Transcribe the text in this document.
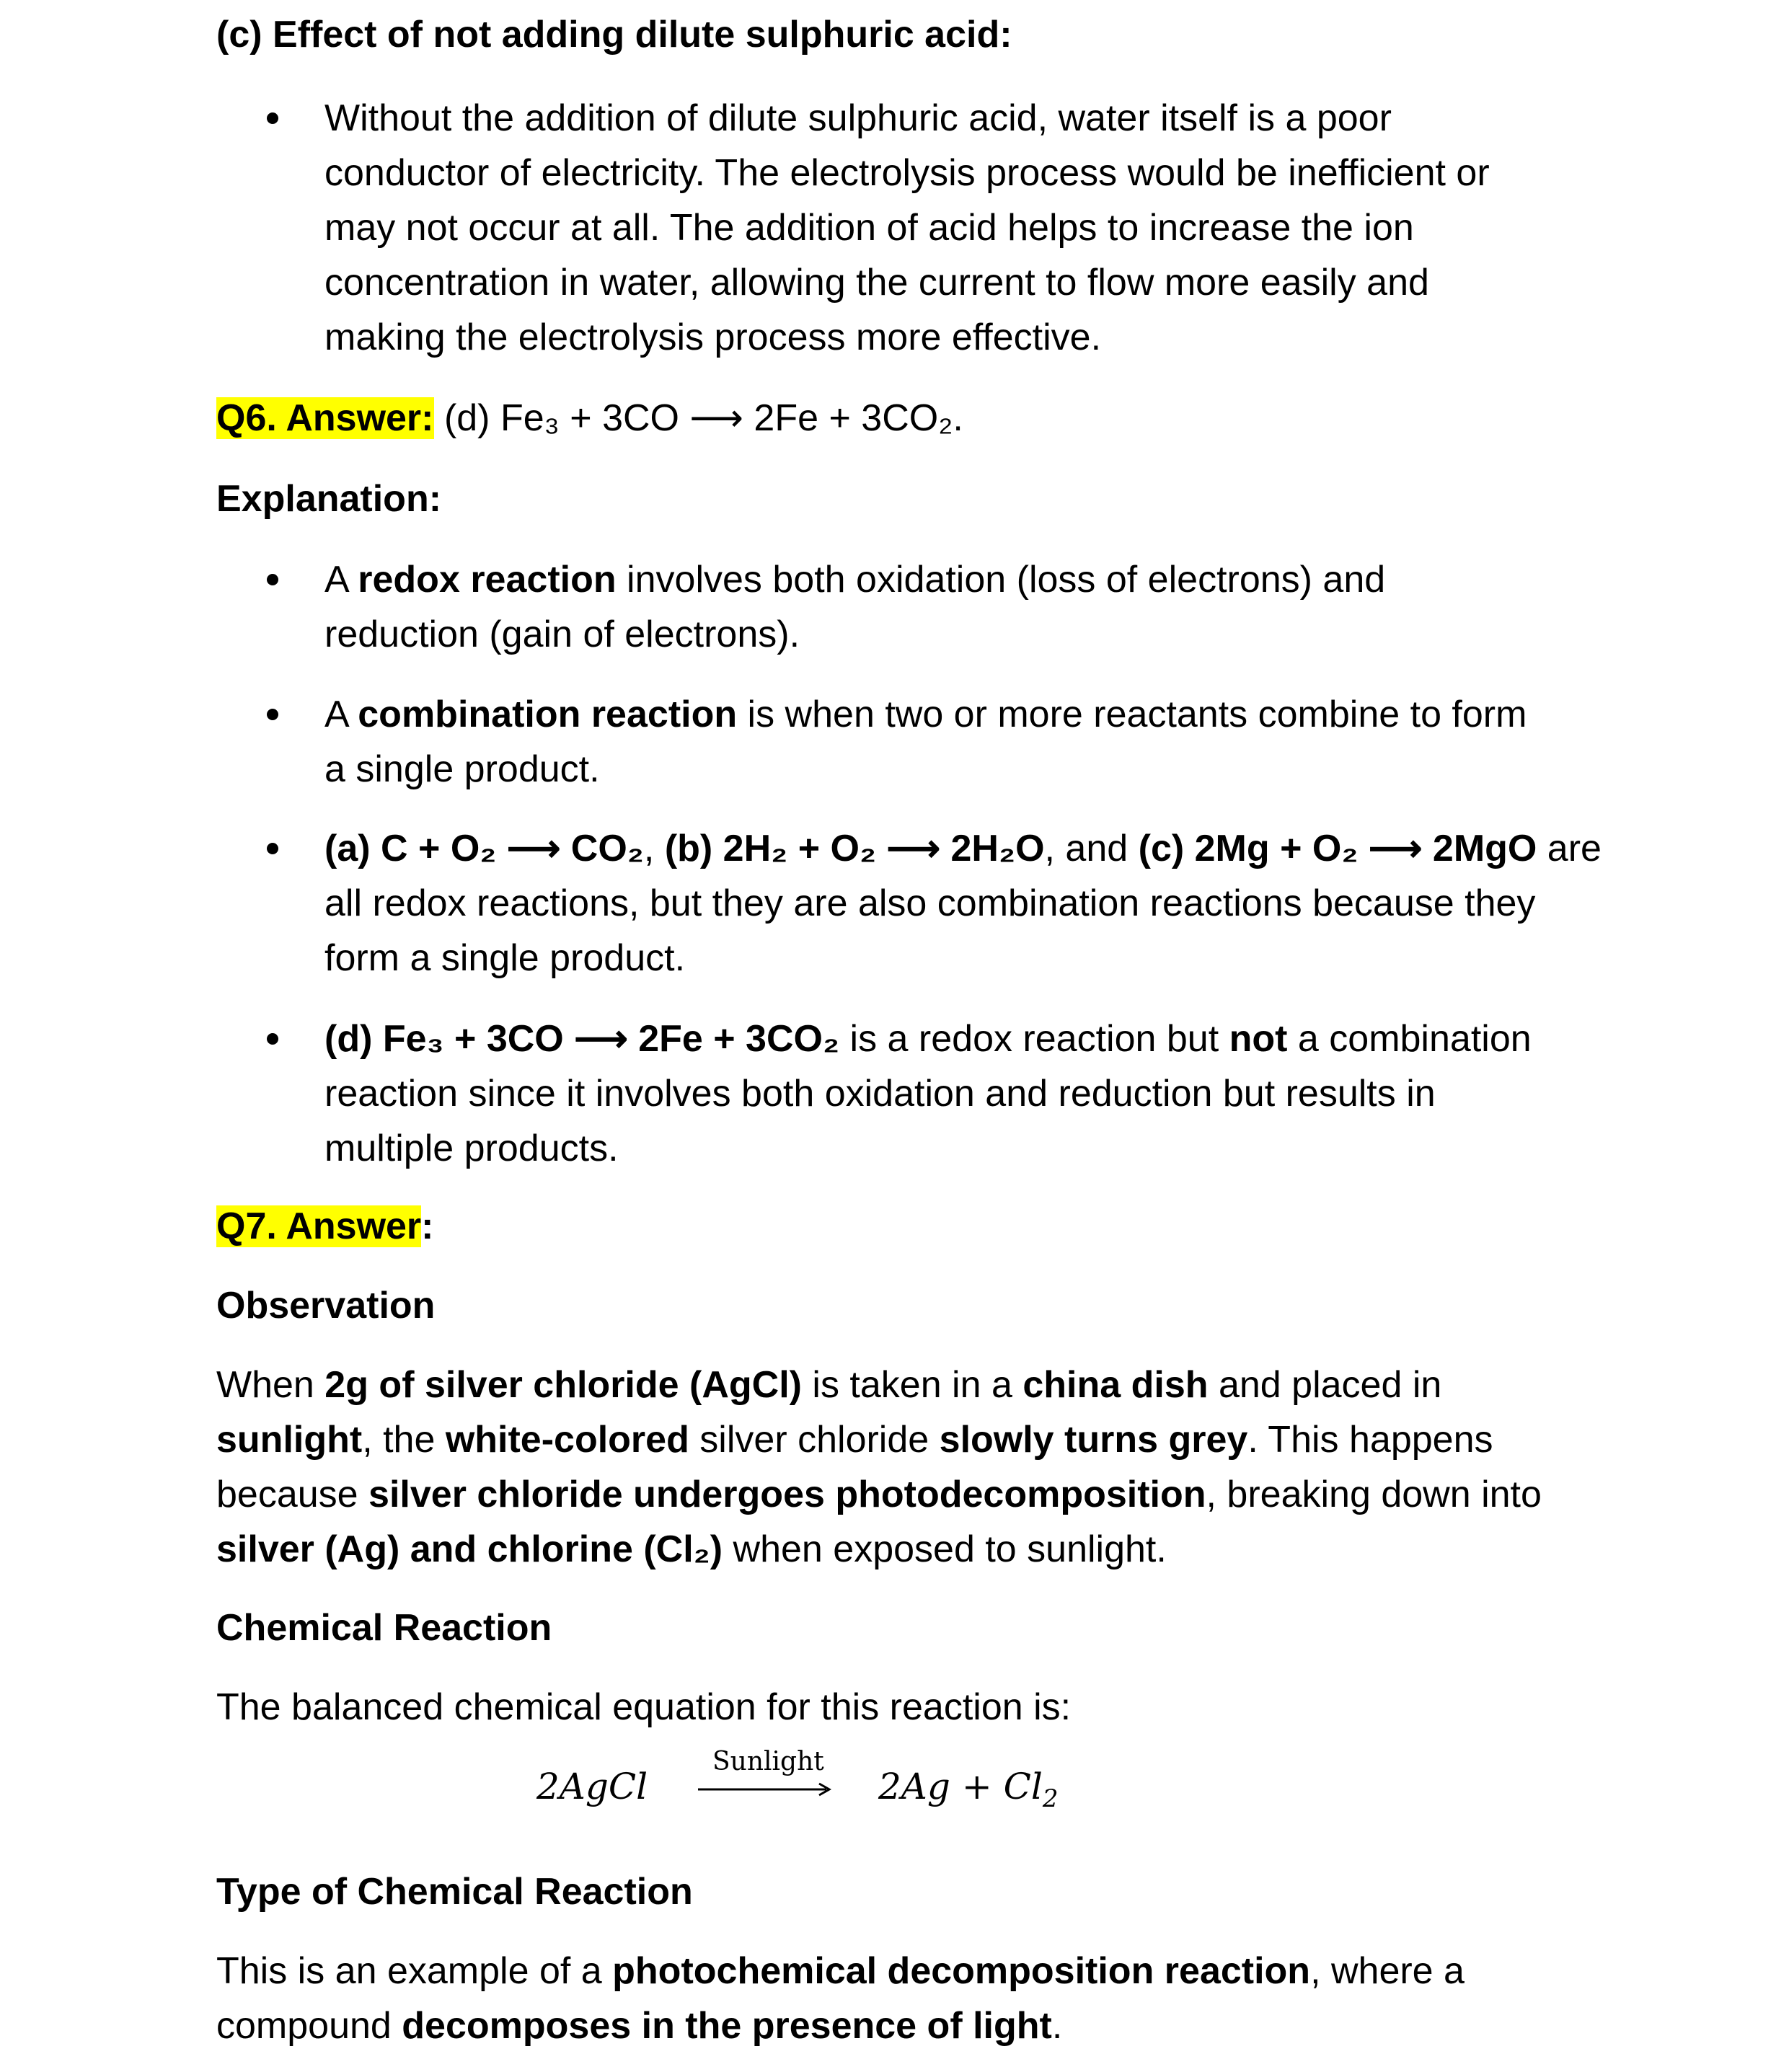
(c) Effect of not adding dilute sulphuric acid:

Without the addition of dilute sulphuric acid, water itself is a poor

conductor of electricity. The electrolysis process would be inefficient or

may not occur at all. The addition of acid helps to increase the ion

concentration in water, allowing the current to flow more easily and

making the electrolysis process more effective.

Q6. Answer: (d) Fe₃ + 3CO ⟶ 2Fe + 3CO₂.

Explanation:

A redox reaction involves both oxidation (loss of electrons) and

reduction (gain of electrons).

A combination reaction is when two or more reactants combine to form

a single product.

(a) C + O₂ ⟶ CO₂, (b) 2H₂ + O₂ ⟶ 2H₂O, and (c) 2Mg + O₂ ⟶ 2MgO are

all redox reactions, but they are also combination reactions because they

form a single product.

(d) Fe₃ + 3CO ⟶ 2Fe + 3CO₂ is a redox reaction but not a combination

reaction since it involves both oxidation and reduction but results in

multiple products.

Q7. Answer:

Observation

When 2g of silver chloride (AgCl) is taken in a china dish and placed in

sunlight, the white-colored silver chloride slowly turns grey. This happens

because silver chloride undergoes photodecomposition, breaking down into

silver (Ag) and chlorine (Cl₂) when exposed to sunlight.

Chemical Reaction

The balanced chemical equation for this reaction is:

2AgCl
Sunlight
$2Ag + Cl_2$

Type of Chemical Reaction

This is an example of a photochemical decomposition reaction, where a

compound decomposes in the presence of light.
